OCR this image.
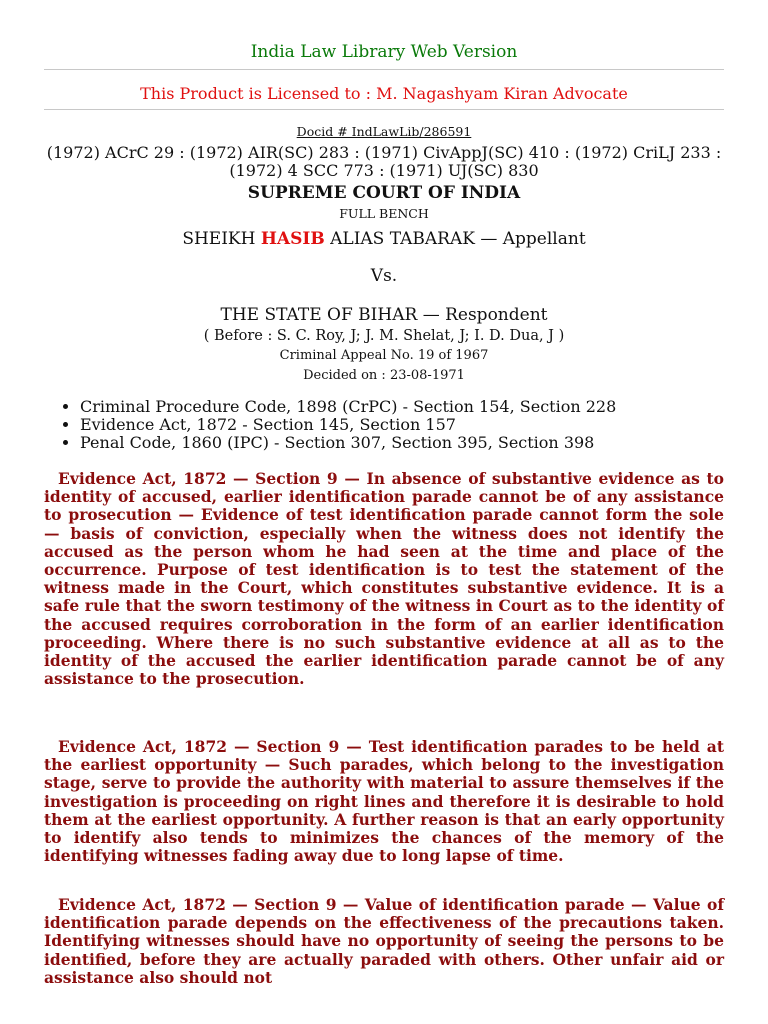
India Law Library Web Version
This Product is Licensed to : M. Nagashyam Kiran Advocate
Docid # IndLawLib/286591
(1972) ACrC 29 : (1972) AIR(SC) 283 : (1971) CivAppJ(SC) 410 : (1972) CriLJ 233 : (1972) 4 SCC 773 : (1971) UJ(SC) 830
SUPREME COURT OF INDIA
FULL BENCH
SHEIKH HASIB ALIAS TABARAK — Appellant
Vs.
THE STATE OF BIHAR — Respondent
( Before : S. C. Roy, J; J. M. Shelat, J; I. D. Dua, J )
Criminal Appeal No. 19 of 1967
Decided on : 23-08-1971
• Criminal Procedure Code, 1898 (CrPC) - Section 154, Section 228
• Evidence Act, 1872 - Section 145, Section 157
• Penal Code, 1860 (IPC) - Section 307, Section 395, Section 398

Evidence Act, 1872 — Section 9 — In absence of substantive evidence as to identity of accused, earlier identification parade cannot be of any assistance to prosecution — Evidence of test identification parade cannot form the sole — basis of conviction, especially when the witness does not identify the accused as the person whom he had seen at the time and place of the occurrence. Purpose of test identification is to test the statement of the witness made in the Court, which constitutes substantive evidence. It is a safe rule that the sworn testimony of the witness in Court as to the identity of the accused requires corroboration in the form of an earlier identification proceeding. Where there is no such substantive evidence at all as to the identity of the accused the earlier identification parade cannot be of any assistance to the prosecution.

Evidence Act, 1872 — Section 9 — Test identification parades to be held at the earliest opportunity — Such parades, which belong to the investigation stage, serve to provide the authority with material to assure themselves if the investigation is proceeding on right lines and therefore it is desirable to hold them at the earliest opportunity. A further reason is that an early opportunity to identify also tends to minimizes the chances of the memory of the identifying witnesses fading away due to long lapse of time.

Evidence Act, 1872 — Section 9 — Value of identification parade — Value of identification parade depends on the effectiveness of the precautions taken. Identifying witnesses should have no opportunity of seeing the persons to be identified, before they are actually paraded with others. Other unfair aid or assistance also should not
